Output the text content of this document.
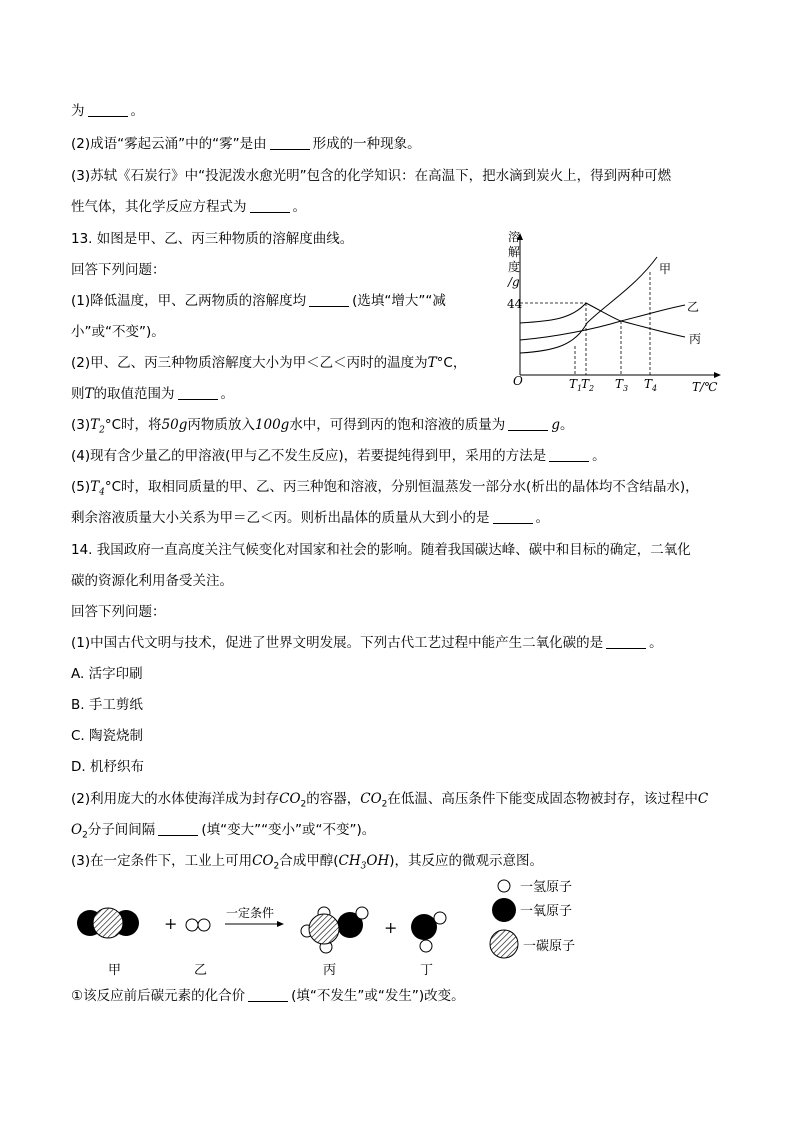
为	。
(2)成语“雾起云涌”中的“雾”是由	形成的一种现象。
(3)苏轼《石炭行》中“投泥泼水愈光明”包含的化学知识：在高温下，把水滴到炭火上，得到两种可燃
性气体，其化学反应方程式为	。
13. 如图是甲、乙、丙三种物质的溶解度曲线。
回答下列问题：
(1)降低温度，甲、乙两物质的溶解度均	(选填“增大”“减
小”或“不变”)。
(2)甲、乙、丙三种物质溶解度大小为甲＜乙＜丙时的温度为T°C，
则T的取值范围为	。
$(3)T_2^\circ C$时，将50g丙物质放入100g水中，可得到丙的饱和溶液的质量为	g。
(4)现有含少量乙的甲溶液(甲与乙不发生反应)，若要提纯得到甲，采用的方法是	。
$(5)T_4^\circ C$时，取相同质量的甲、乙、丙三种饱和溶液，分别恒温蒸发一部分水(析出的晶体均不含结晶水)，
剩余溶液质量大小关系为甲＝乙＜丙。则析出晶体的质量从大到小的是	。
14. 我国政府一直高度关注气候变化对国家和社会的影响。随着我国碳达峰、碳中和目标的确定，二氧化
碳的资源化利用备受关注。
回答下列问题：
(1)中国古代文明与技术，促进了世界文明发展。下列古代工艺过程中能产生二氧化碳的是	。
A. 活字印刷
B. 手工剪纸
C. 陶瓷烧制
D. 机杼织布
(2)利用庞大的水体使海洋成为封存$CO_2$的容器，$CO_2$在低温、高压条件下能变成固态物被封存，该过程中C
$O_2$分子间间隔	(填“变大”“变小”或“不变”)。
(3)在一定条件下，工业上可用$CO_2$合成甲醇$(CH_3OH)$，其反应的微观示意图。
①该反应前后碳元素的化合价	(填“不发生”或“发生”)改变。
溶
解
度
/g
44
O	$T_1$
$T_2$ $T_3$ $T_4$	T/℃
甲
乙
丙
+
一定条件
+
甲	乙	丙	丁
一氢原子
一氧原子
一碳原子
